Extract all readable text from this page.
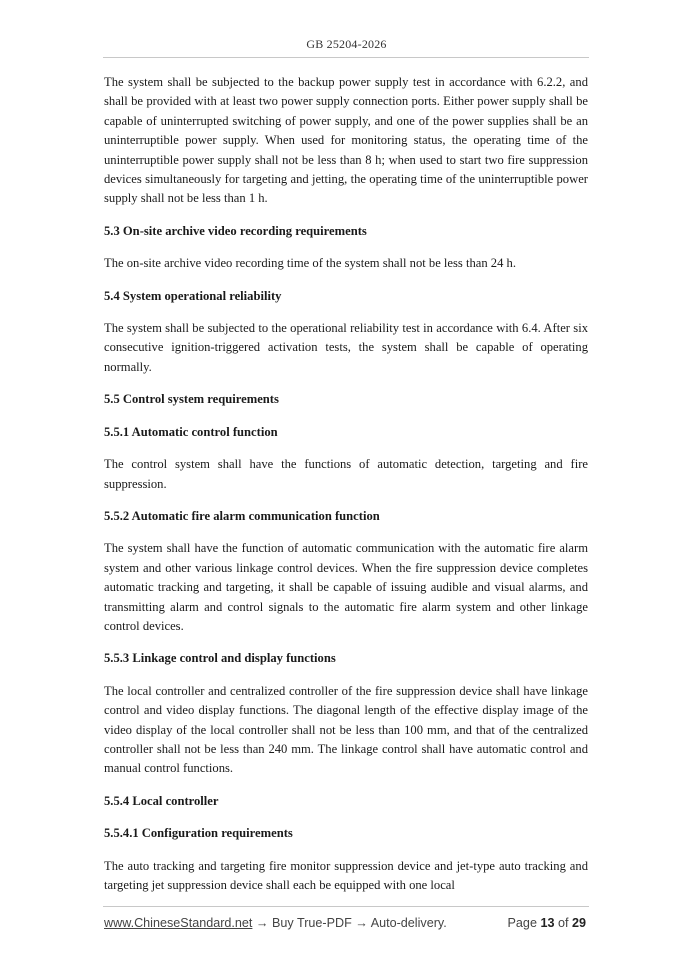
GB 25204-2026

The system shall be subjected to the backup power supply test in accordance with 6.2.2, and shall be provided with at least two power supply connection ports. Either power supply shall be capable of uninterrupted switching of power supply, and one of the power supplies shall be an uninterruptible power supply. When used for monitoring status, the operating time of the uninterruptible power supply shall not be less than 8 h; when used to start two fire suppression devices simultaneously for targeting and jetting, the operating time of the uninterruptible power supply shall not be less than 1 h.

5.3 On-site archive video recording requirements

The on-site archive video recording time of the system shall not be less than 24 h.

5.4 System operational reliability

The system shall be subjected to the operational reliability test in accordance with 6.4. After six consecutive ignition-triggered activation tests, the system shall be capable of operating normally.

5.5 Control system requirements

5.5.1 Automatic control function

The control system shall have the functions of automatic detection, targeting and fire suppression.

5.5.2 Automatic fire alarm communication function

The system shall have the function of automatic communication with the automatic fire alarm system and other various linkage control devices. When the fire suppression device completes automatic tracking and targeting, it shall be capable of issuing audible and visual alarms, and transmitting alarm and control signals to the automatic fire alarm system and other linkage control devices.

5.5.3 Linkage control and display functions

The local controller and centralized controller of the fire suppression device shall have linkage control and video display functions. The diagonal length of the effective display image of the video display of the local controller shall not be less than 100 mm, and that of the centralized controller shall not be less than 240 mm. The linkage control shall have automatic control and manual control functions.

5.5.4 Local controller

5.5.4.1 Configuration requirements

The auto tracking and targeting fire monitor suppression device and jet-type auto tracking and targeting jet suppression device shall each be equipped with one local

www.ChineseStandard.net → Buy True-PDF → Auto-delivery.	Page 13 of 29
